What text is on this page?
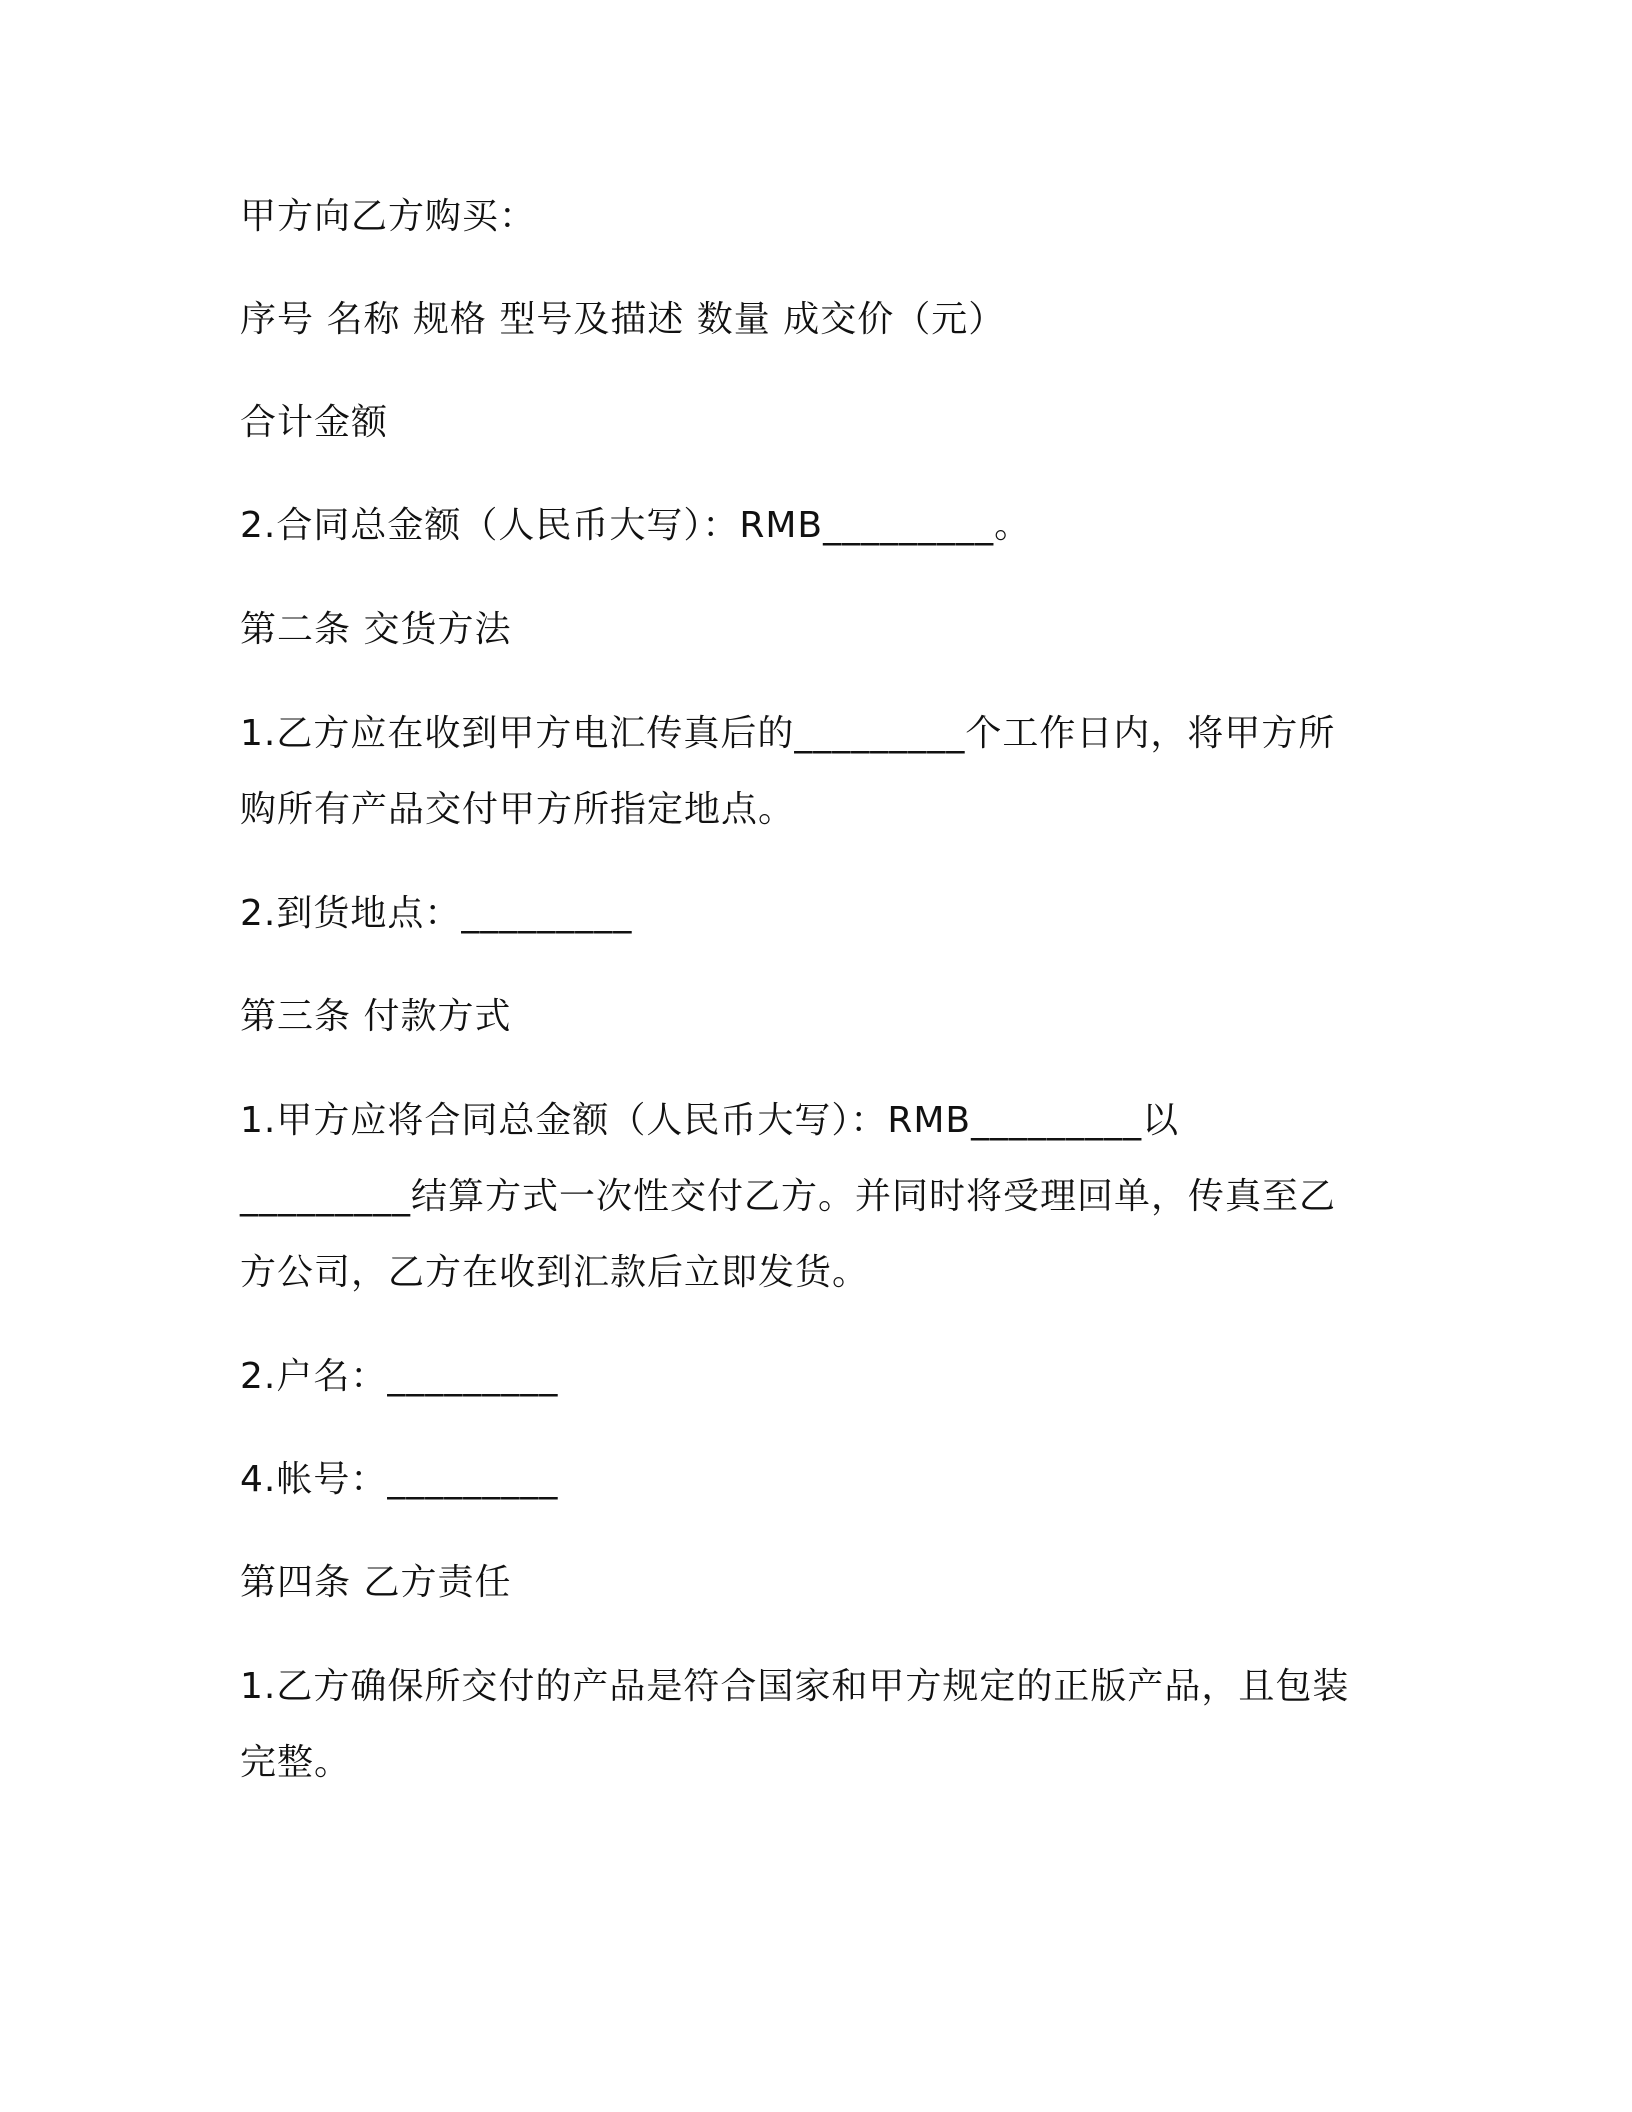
甲方向乙方购买：
序号 名称 规格 型号及描述 数量 成交价（元）
合计金额
2.合同总金额（人民币大写）：RMB_________。
第二条 交货方法
1.乙方应在收到甲方电汇传真后的_________个工作日内，将甲方所
购所有产品交付甲方所指定地点。
2.到货地点：_________
第三条 付款方式
1.甲方应将合同总金额（人民币大写）：RMB_________以
_________结算方式一次性交付乙方。并同时将受理回单，传真至乙
方公司，乙方在收到汇款后立即发货。
2.户名：_________
4.帐号：_________
第四条 乙方责任
1.乙方确保所交付的产品是符合国家和甲方规定的正版产品，且包装
完整。
